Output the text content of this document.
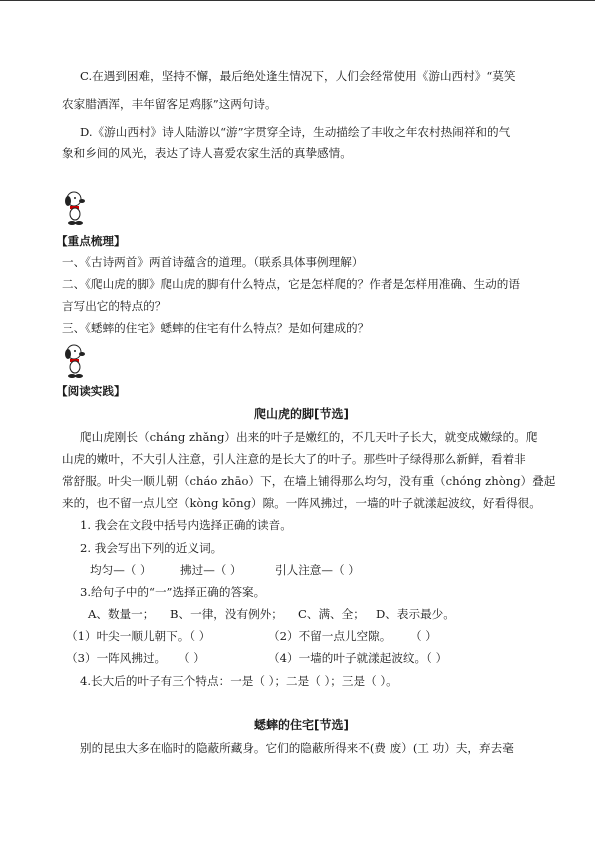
C.在遇到困难，坚持不懈，最后绝处逢生情况下，人们会经常使用《游山西村》“莫笑
农家腊酒浑，丰年留客足鸡豚”这两句诗。
D.《游山西村》诗人陆游以“游”字贯穿全诗，生动描绘了丰收之年农村热闹祥和的气
象和乡间的风光，表达了诗人喜爱农家生活的真挚感情。
【重点梳理】
一、《古诗两首》两首诗蕴含的道理。（联系具体事例理解）
二、《爬山虎的脚》爬山虎的脚有什么特点，它是怎样爬的？作者是怎样用准确、生动的语
言写出它的特点的？
三、《蟋蟀的住宅》蟋蟀的住宅有什么特点？是如何建成的？
【阅读实践】
爬山虎的脚[节选]
爬山虎刚长（cháng zhǎng）出来的叶子是嫩红的，不几天叶子长大，就变成嫩绿的。爬
山虎的嫩叶，不大引人注意，引人注意的是长大了的叶子。那些叶子绿得那么新鲜，看着非
常舒服。叶尖一顺儿朝（cháo zhāo）下，在墙上铺得那么均匀，没有重（chóng zhòng）叠起
来的，也不留一点儿空（kòng kōng）隙。一阵风拂过，一墙的叶子就漾起波纹，好看得很。
1. 我会在文段中括号内选择正确的读音。
2. 我会写出下列的近义词。
均匀—（ ） 拂过—（ ）	引人注意—（ ）
3.给句子中的“一”选择正确的答案。
A、数量一； B、一律，没有例外； C、满、全； D、表示最少。
（1）叶尖一顺儿朝下。（ ）	（2）不留一点儿空隙。 （ ）
（3）一阵风拂过。 （ ）	（4）一墙的叶子就漾起波纹。（ ）
4.长大后的叶子有三个特点：一是（ ）；二是（ ）；三是（ ）。
蟋蟀的住宅[节选]
别的昆虫大多在临时的隐蔽所藏身。它们的隐蔽所得来不(费 废）(工 功）夫，弃去毫
